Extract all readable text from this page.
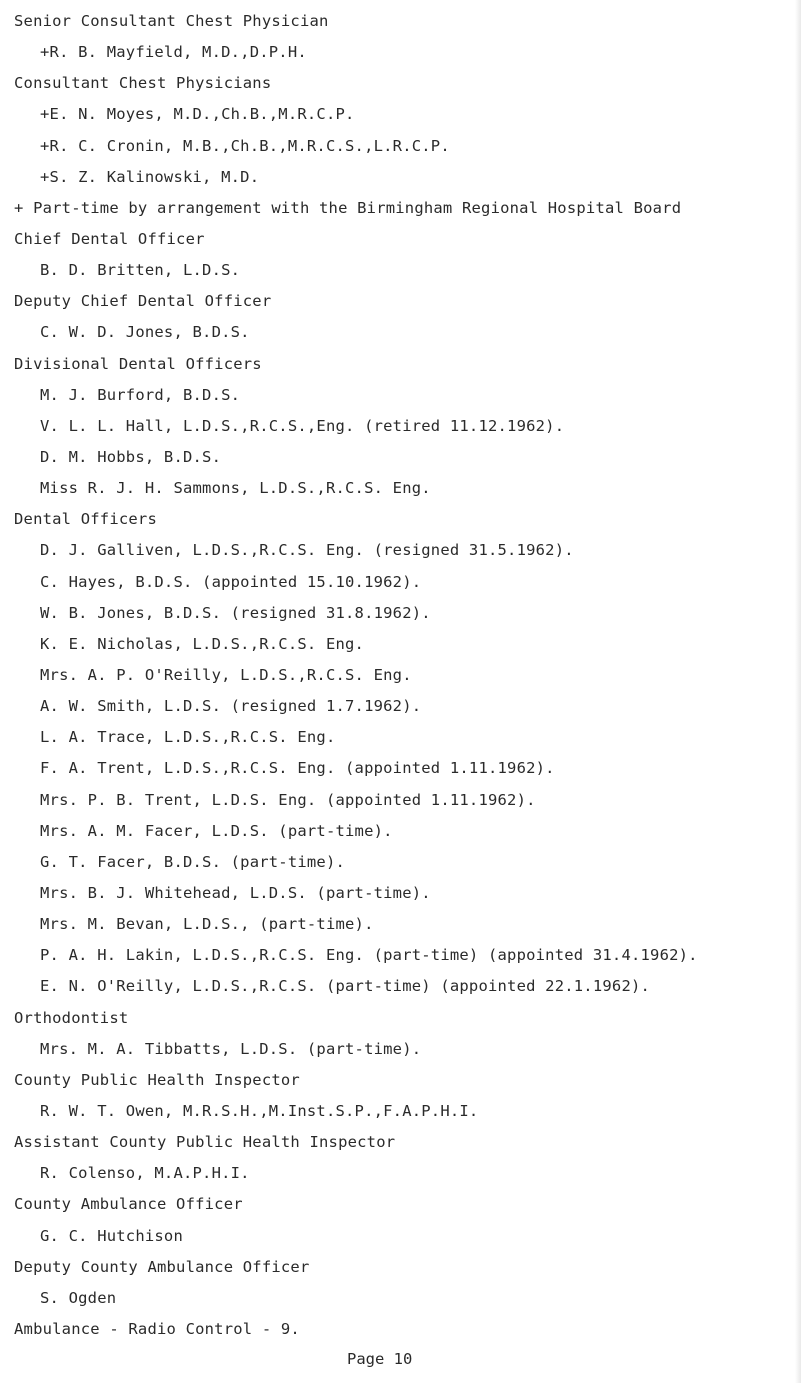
Senior Consultant Chest Physician
+R. B. Mayfield, M.D.,D.P.H.
Consultant Chest Physicians
+E. N. Moyes, M.D.,Ch.B.,M.R.C.P.
+R. C. Cronin, M.B.,Ch.B.,M.R.C.S.,L.R.C.P.
+S. Z. Kalinowski, M.D.
+ Part-time by arrangement with the Birmingham Regional Hospital Board
Chief Dental Officer
B. D. Britten, L.D.S.
Deputy Chief Dental Officer
C. W. D. Jones, B.D.S.
Divisional Dental Officers
M. J. Burford, B.D.S.
V. L. L. Hall, L.D.S.,R.C.S.,Eng. (retired 11.12.1962).
D. M. Hobbs, B.D.S.
Miss R. J. H. Sammons, L.D.S.,R.C.S. Eng.
Dental Officers
D. J. Galliven, L.D.S.,R.C.S. Eng. (resigned 31.5.1962).
C. Hayes, B.D.S. (appointed 15.10.1962).
W. B. Jones, B.D.S. (resigned 31.8.1962).
K. E. Nicholas, L.D.S.,R.C.S. Eng.
Mrs. A. P. O'Reilly, L.D.S.,R.C.S. Eng.
A. W. Smith, L.D.S. (resigned 1.7.1962).
L. A. Trace, L.D.S.,R.C.S. Eng.
F. A. Trent, L.D.S.,R.C.S. Eng. (appointed 1.11.1962).
Mrs. P. B. Trent, L.D.S. Eng. (appointed 1.11.1962).
Mrs. A. M. Facer, L.D.S. (part-time).
G. T. Facer, B.D.S. (part-time).
Mrs. B. J. Whitehead, L.D.S. (part-time).
Mrs. M. Bevan, L.D.S., (part-time).
P. A. H. Lakin, L.D.S.,R.C.S. Eng. (part-time) (appointed 31.4.1962).
E. N. O'Reilly, L.D.S.,R.C.S. (part-time) (appointed 22.1.1962).
Orthodontist
Mrs. M. A. Tibbatts, L.D.S. (part-time).
County Public Health Inspector
R. W. T. Owen, M.R.S.H.,M.Inst.S.P.,F.A.P.H.I.
Assistant County Public Health Inspector
R. Colenso, M.A.P.H.I.
County Ambulance Officer
G. C. Hutchison
Deputy County Ambulance Officer
S. Ogden
Ambulance - Radio Control - 9.
Page 10
